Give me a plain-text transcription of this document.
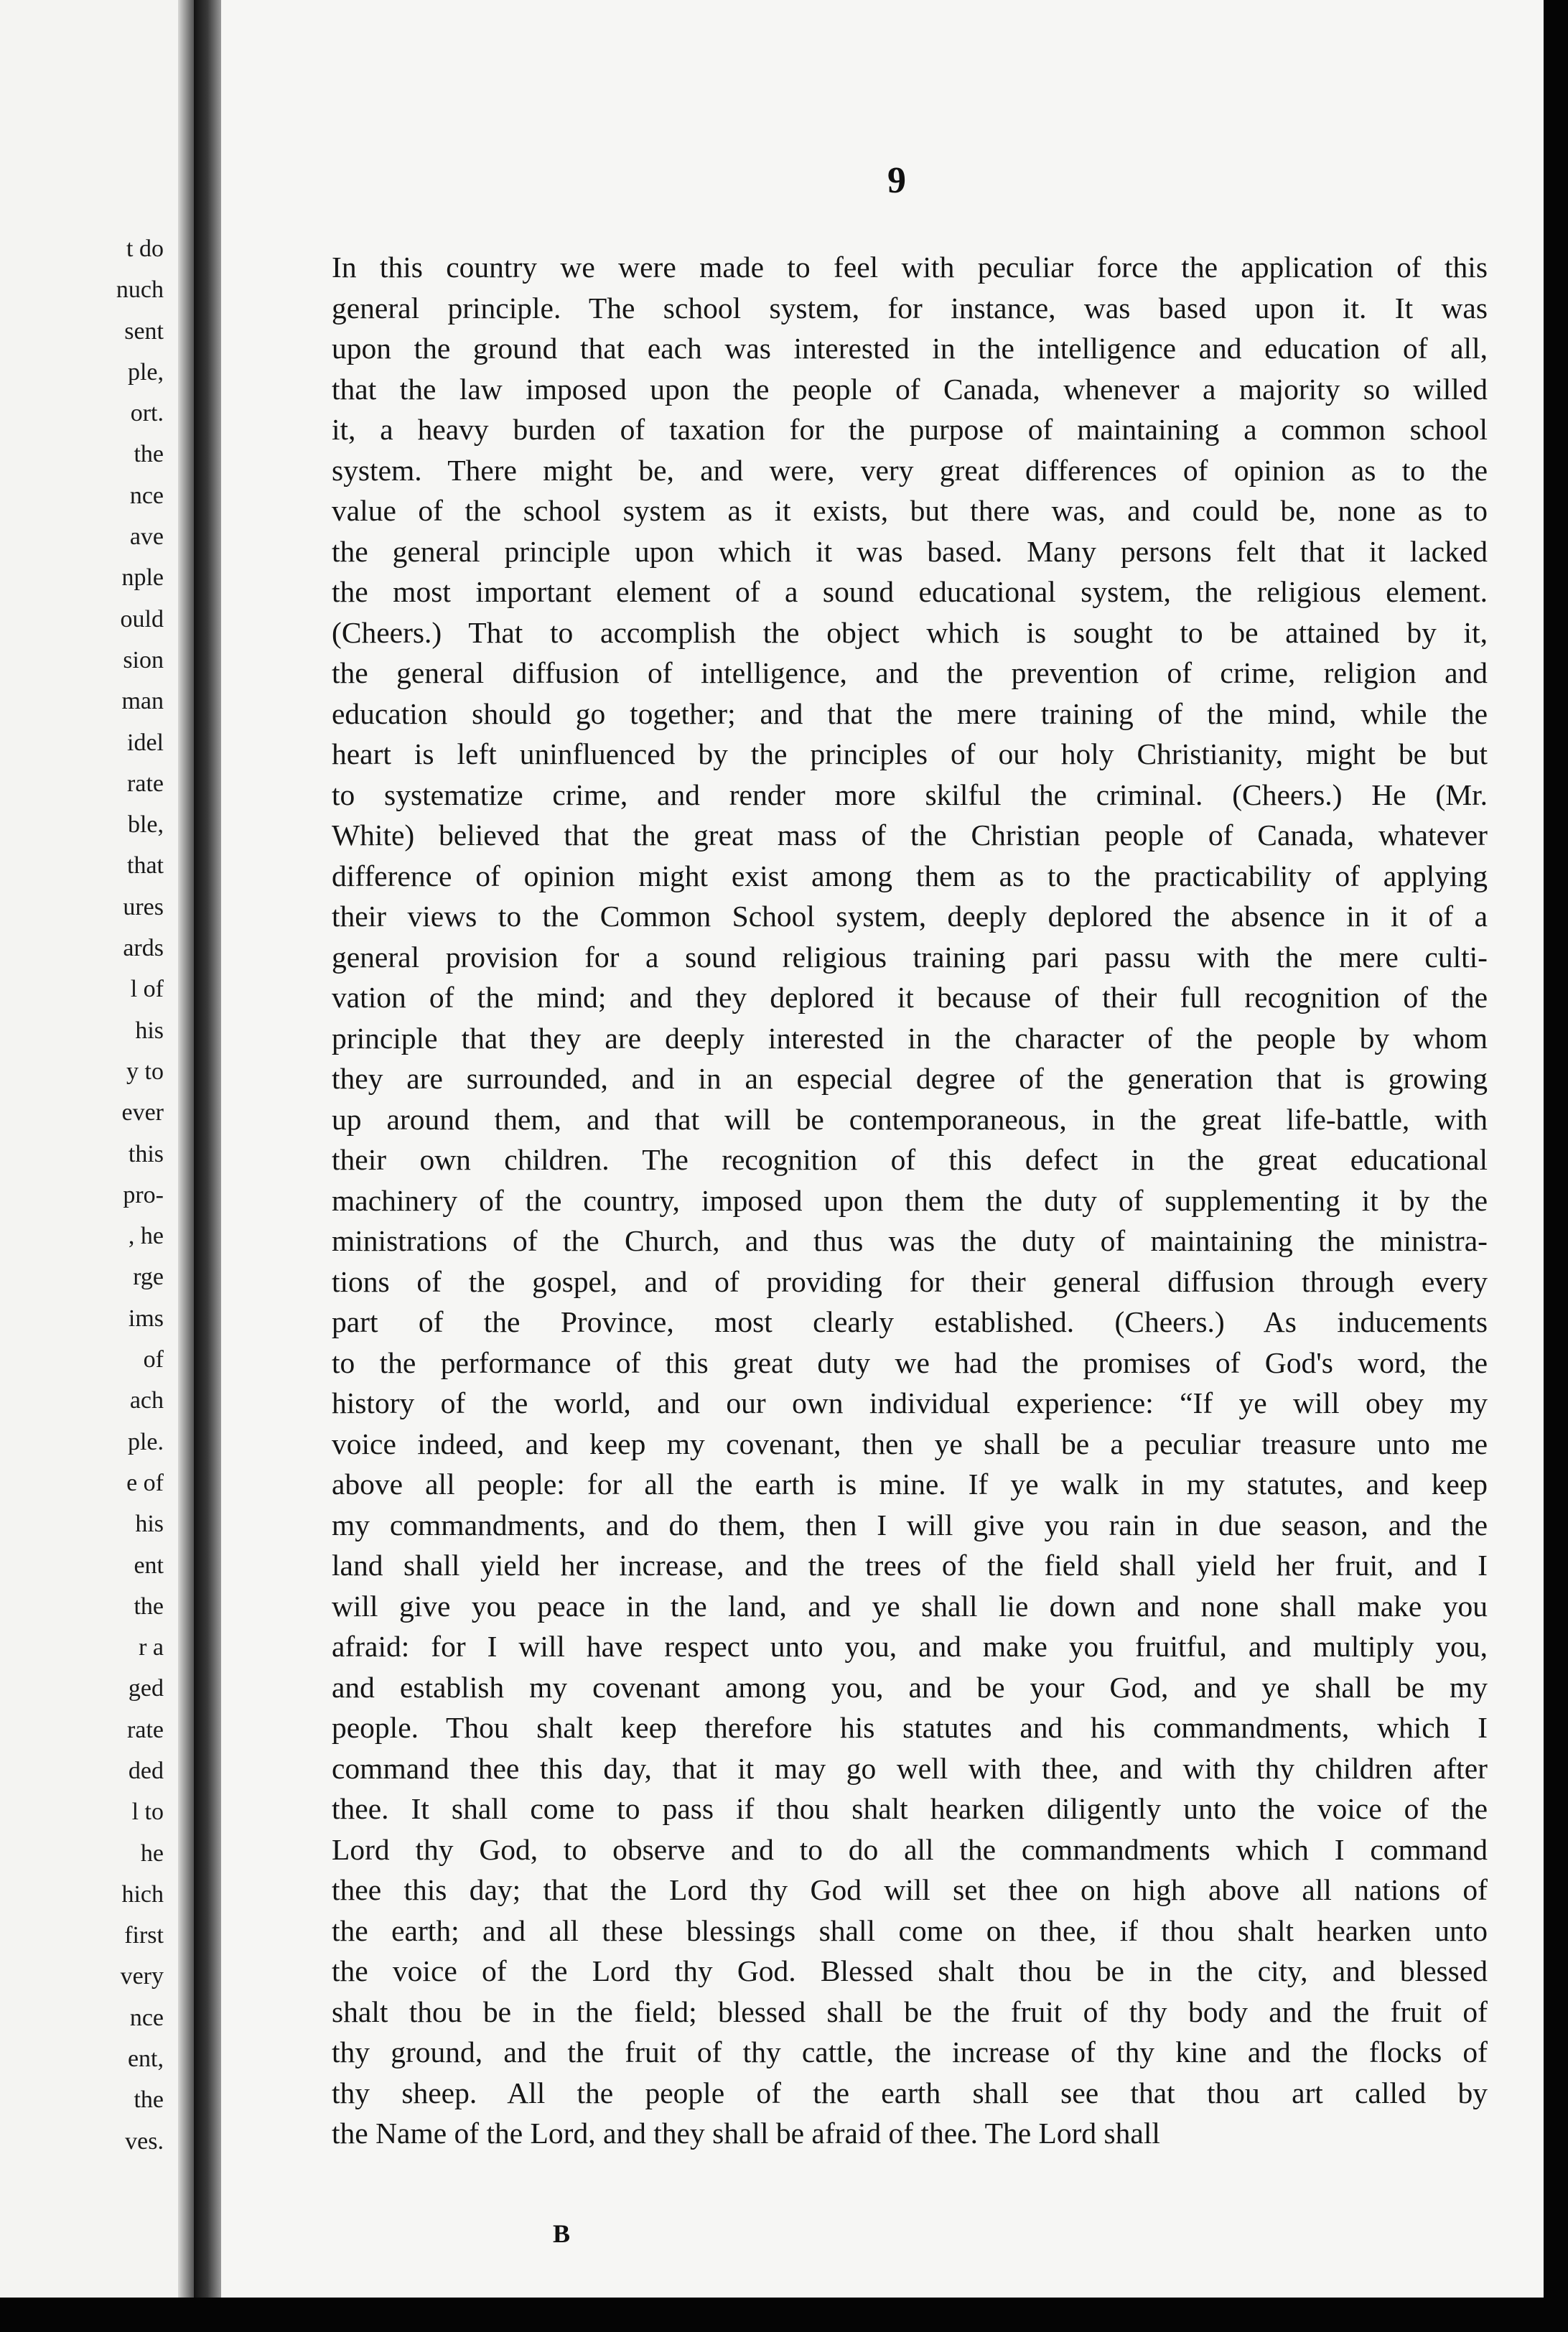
t do
nuch
sent
ple,
ort.
the
nce
ave
nple
ould
sion
man
idel
rate
ble,
that
ures
ards
l of
his
y to
ever
this
pro-
, he
rge
ims
of
ach
ple.
e of
his
ent
the
r a
ged
rate
ded
l to
he
hich
first
very
nce
ent,
the
ves.
9
In this country we were made to feel with peculiar force the application of this
general principle. The school system, for instance, was based upon it. It was
upon the ground that each was interested in the intelligence and education of all,
that the law imposed upon the people of Canada, whenever a majority so willed
it, a heavy burden of taxation for the purpose of maintaining a common school
system. There might be, and were, very great differences of opinion as to the
value of the school system as it exists, but there was, and could be, none as to
the general principle upon which it was based. Many persons felt that it lacked
the most important element of a sound educational system, the religious element.
(Cheers.) That to accomplish the object which is sought to be attained by it,
the general diffusion of intelligence, and the prevention of crime, religion and
education should go together; and that the mere training of the mind, while the
heart is left uninfluenced by the principles of our holy Christianity, might be but
to systematize crime, and render more skilful the criminal. (Cheers.) He (Mr.
White) believed that the great mass of the Christian people of Canada, whatever
difference of opinion might exist among them as to the practicability of applying
their views to the Common School system, deeply deplored the absence in it of a
general provision for a sound religious training pari passu with the mere culti-
vation of the mind; and they deplored it because of their full recognition of the
principle that they are deeply interested in the character of the people by whom
they are surrounded, and in an especial degree of the generation that is growing
up around them, and that will be contemporaneous, in the great life-battle, with
their own children. The recognition of this defect in the great educational
machinery of the country, imposed upon them the duty of supplementing it by the
ministrations of the Church, and thus was the duty of maintaining the ministra-
tions of the gospel, and of providing for their general diffusion through every
part of the Province, most clearly established. (Cheers.) As inducements
to the performance of this great duty we had the promises of God's word, the
history of the world, and our own individual experience: “If ye will obey my
voice indeed, and keep my covenant, then ye shall be a peculiar treasure unto me
above all people: for all the earth is mine. If ye walk in my statutes, and keep
my commandments, and do them, then I will give you rain in due season, and the
land shall yield her increase, and the trees of the field shall yield her fruit, and I
will give you peace in the land, and ye shall lie down and none shall make you
afraid: for I will have respect unto you, and make you fruitful, and multiply you,
and establish my covenant among you, and be your God, and ye shall be my
people. Thou shalt keep therefore his statutes and his commandments, which I
command thee this day, that it may go well with thee, and with thy children after
thee. It shall come to pass if thou shalt hearken diligently unto the voice of the
Lord thy God, to observe and to do all the commandments which I command
thee this day; that the Lord thy God will set thee on high above all nations of
the earth; and all these blessings shall come on thee, if thou shalt hearken unto
the voice of the Lord thy God. Blessed shalt thou be in the city, and blessed
shalt thou be in the field; blessed shall be the fruit of thy body and the fruit of
thy ground, and the fruit of thy cattle, the increase of thy kine and the flocks of
thy sheep. All the people of the earth shall see that thou art called by
the Name of the Lord, and they shall be afraid of thee. The Lord shall
B
